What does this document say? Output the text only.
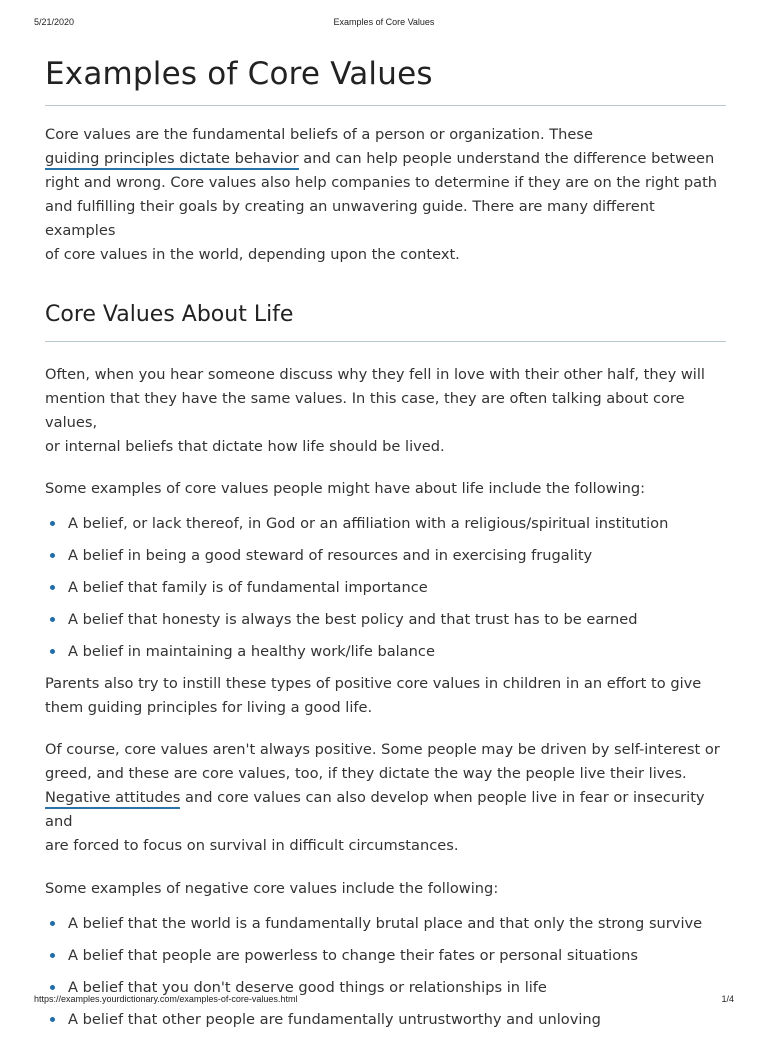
5/21/2020	Examples of Core Values
Examples of Core Values

Core values are the fundamental beliefs of a person or organization. These
guiding principles dictate behavior and can help people understand the difference between
right and wrong. Core values also help companies to determine if they are on the right path
and fulfilling their goals by creating an unwavering guide. There are many different examples
of core values in the world, depending upon the context.

Core Values About Life

Often, when you hear someone discuss why they fell in love with their other half, they will
mention that they have the same values. In this case, they are often talking about core values,
or internal beliefs that dictate how life should be lived.

Some examples of core values people might have about life include the following:

A belief, or lack thereof, in God or an affiliation with a religious/spiritual institution
A belief in being a good steward of resources and in exercising frugality
A belief that family is of fundamental importance
A belief that honesty is always the best policy and that trust has to be earned
A belief in maintaining a healthy work/life balance

Parents also try to instill these types of positive core values in children in an effort to give
them guiding principles for living a good life.

Of course, core values aren't always positive. Some people may be driven by self-interest or
greed, and these are core values, too, if they dictate the way the people live their lives.
Negative attitudes and core values can also develop when people live in fear or insecurity and
are forced to focus on survival in difficult circumstances.

Some examples of negative core values include the following:

A belief that the world is a fundamentally brutal place and that only the strong survive
A belief that people are powerless to change their fates or personal situations
A belief that you don't deserve good things or relationships in life
A belief that other people are fundamentally untrustworthy and unloving
https://examples.yourdictionary.com/examples-of-core-values.html	1/4
